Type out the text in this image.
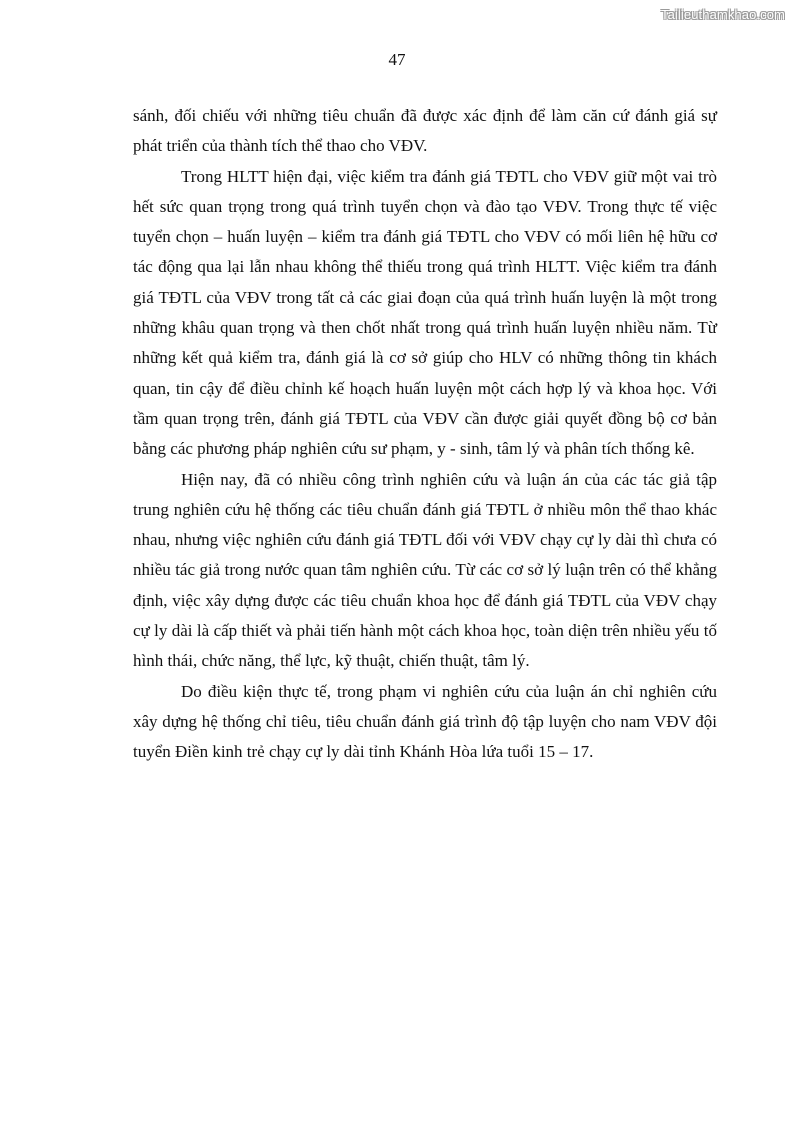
Tailieuthamkhao.com
47

sánh, đối chiếu với những tiêu chuẩn đã được xác định để làm căn cứ đánh giá sự phát triển của thành tích thể thao cho VĐV.

Trong HLTT hiện đại, việc kiểm tra đánh giá TĐTL cho VĐV giữ một vai trò hết sức quan trọng trong quá trình tuyển chọn và đào tạo VĐV. Trong thực tế việc tuyển chọn – huấn luyện – kiểm tra đánh giá TĐTL cho VĐV có mối liên hệ hữu cơ tác động qua lại lẫn nhau không thể thiếu trong quá trình HLTT. Việc kiểm tra đánh giá TĐTL của VĐV trong tất cả các giai đoạn của quá trình huấn luyện là một trong những khâu quan trọng và then chốt nhất trong quá trình huấn luyện nhiều năm. Từ những kết quả kiểm tra, đánh giá là cơ sở giúp cho HLV có những thông tin khách quan, tin cậy để điều chỉnh kế hoạch huấn luyện một cách hợp lý và khoa học. Với tầm quan trọng trên, đánh giá TĐTL của VĐV cần được giải quyết đồng bộ cơ bản bằng các phương pháp nghiên cứu sư phạm, y - sinh, tâm lý và phân tích thống kê.

Hiện nay, đã có nhiều công trình nghiên cứu và luận án của các tác giả tập trung nghiên cứu hệ thống các tiêu chuẩn đánh giá TĐTL ở nhiều môn thể thao khác nhau, nhưng việc nghiên cứu đánh giá TĐTL đối với VĐV chạy cự ly dài thì chưa có nhiều tác giả trong nước quan tâm nghiên cứu. Từ các cơ sở lý luận trên có thể khẳng định, việc xây dựng được các tiêu chuẩn khoa học để đánh giá TĐTL của VĐV chạy cự ly dài là cấp thiết và phải tiến hành một cách khoa học, toàn diện trên nhiều yếu tố hình thái, chức năng, thể lực, kỹ thuật, chiến thuật, tâm lý.

Do điều kiện thực tế, trong phạm vi nghiên cứu của luận án chỉ nghiên cứu xây dựng hệ thống chỉ tiêu, tiêu chuẩn đánh giá trình độ tập luyện cho nam VĐV đội tuyển Điền kinh trẻ chạy cự ly dài tỉnh Khánh Hòa lứa tuổi 15 – 17.
